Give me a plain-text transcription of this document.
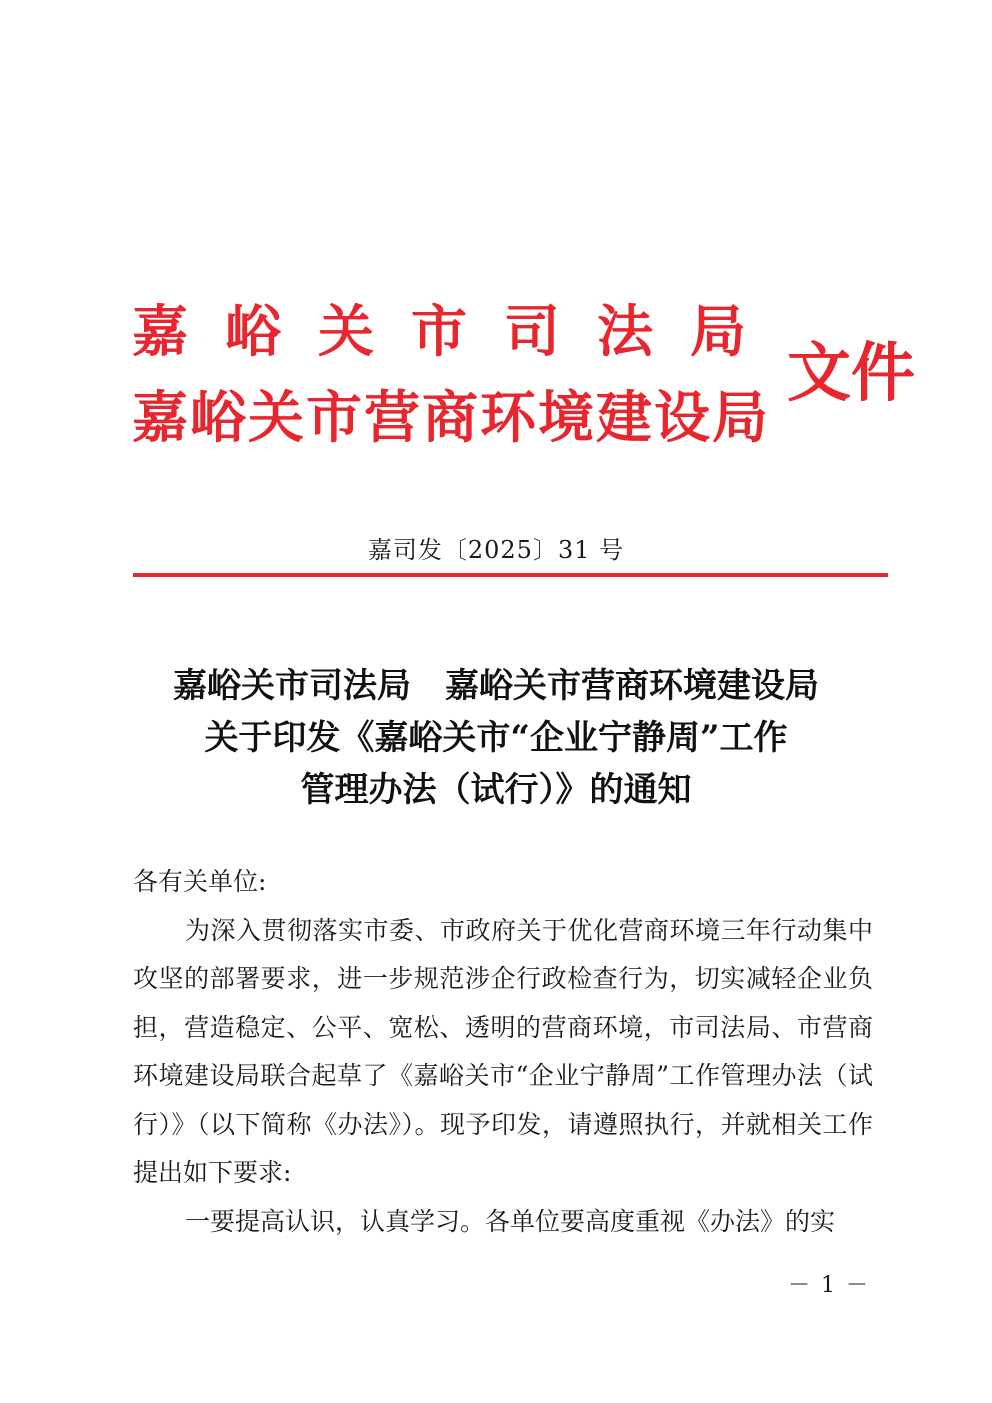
嘉峪关市司法局
嘉峪关市营商环境建设局
文件
嘉司发〔2025〕31 号
嘉峪关市司法局　嘉峪关市营商环境建设局
关于印发《嘉峪关市“企业宁静周”工作
管理办法（试行）》的通知

各有关单位:

为深入贯彻落实市委、市政府关于优化营商环境三年行动集中攻坚的部署要求，进一步规范涉企行政检查行为，切实减轻企业负担，营造稳定、公平、宽松、透明的营商环境，市司法局、市营商环境建设局联合起草了《嘉峪关市“企业宁静周”工作管理办法（试行）》（以下简称《办法》）。现予印发，请遵照执行，并就相关工作提出如下要求:

一要提高认识，认真学习。各单位要高度重视《办法》的实

－ 1 －
